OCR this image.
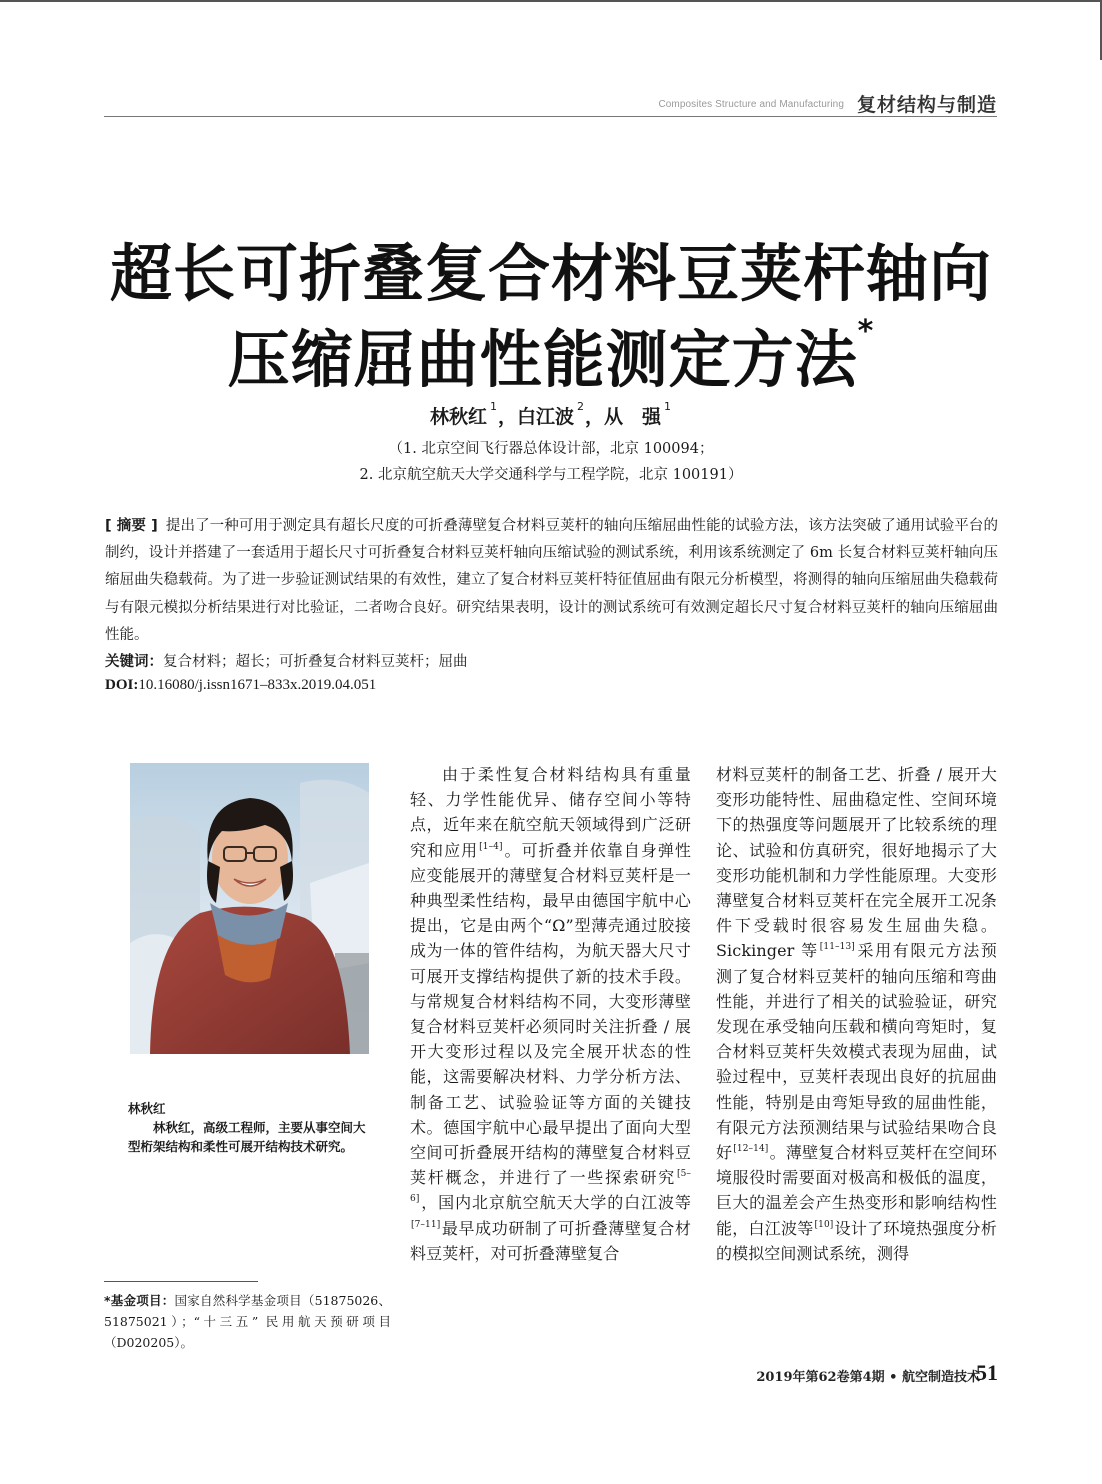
Composites Structure and Manufacturing 复材结构与制造
超长可折叠复合材料豆荚杆轴向
压缩屈曲性能测定方法*
林秋红 $^1$，白江波 $^2$，从　强 $^1$
（1. 北京空间飞行器总体设计部，北京 100094；
2. 北京航空航天大学交通科学与工程学院，北京 100191）
[ 摘要 ] 提出了一种可用于测定具有超长尺度的可折叠薄壁复合材料豆荚杆的轴向压缩屈曲性能的试验方法，该方法突破了通用试验平台的制约，设计并搭建了一套适用于超长尺寸可折叠复合材料豆荚杆轴向压缩试验的测试系统，利用该系统测定了 6m 长复合材料豆荚杆轴向压缩屈曲失稳载荷。为了进一步验证测试结果的有效性，建立了复合材料豆荚杆特征值屈曲有限元分析模型，将测得的轴向压缩屈曲失稳载荷与有限元模拟分析结果进行对比验证，二者吻合良好。研究结果表明，设计的测试系统可有效测定超长尺寸复合材料豆荚杆的轴向压缩屈曲性能。
关键词：复合材料；超长；可折叠复合材料豆荚杆；屈曲
DOI:10.16080/j.issn1671–833x.2019.04.051
林秋红
林秋红，高级工程师，主要从事空间大型桁架结构和柔性可展开结构技术研究。
*基金项目：国家自然科学基金项目（51875026、51875021）；“十三五” 民用航天预研项目（D020205）。
由于柔性复合材料结构具有重量轻、力学性能优异、储存空间小等特点，近年来在航空航天领域得到广泛研究和应用[1–4]。可折叠并依靠自身弹性应变能展开的薄壁复合材料豆荚杆是一种典型柔性结构，最早由德国宇航中心提出，它是由两个“Ω”型薄壳通过胶接成为一体的管件结构，为航天器大尺寸可展开支撑结构提供了新的技术手段。与常规复合材料结构不同，大变形薄壁复合材料豆荚杆必须同时关注折叠 / 展开大变形过程以及完全展开状态的性能，这需要解决材料、力学分析方法、制备工艺、试验验证等方面的关键技术。德国宇航中心最早提出了面向大型空间可折叠展开结构的薄壁复合材料豆荚杆概念，并进行了一些探索研究[5–6]，国内北京航空航天大学的白江波等[7–11]最早成功研制了可折叠薄壁复合材料豆荚杆，对可折叠薄壁复合
材料豆荚杆的制备工艺、折叠 / 展开大变形功能特性、屈曲稳定性、空间环境下的热强度等问题展开了比较系统的理论、试验和仿真研究，很好地揭示了大变形功能机制和力学性能原理。大变形薄壁复合材料豆荚杆在完全展开工况条件下受载时很容易发生屈曲失稳。Sickinger 等[11–13]采用有限元方法预测了复合材料豆荚杆的轴向压缩和弯曲性能，并进行了相关的试验验证，研究发现在承受轴向压载和横向弯矩时，复合材料豆荚杆失效模式表现为屈曲，试验过程中，豆荚杆表现出良好的抗屈曲性能，特别是由弯矩导致的屈曲性能，有限元方法预测结果与试验结果吻合良好[12–14]。薄壁复合材料豆荚杆在空间环境服役时需要面对极高和极低的温度，巨大的温差会产生热变形和影响结构性能，白江波等[10]设计了环境热强度分析的模拟空间测试系统，测得
2019年第62卷第4期 • 航空制造技术
51
